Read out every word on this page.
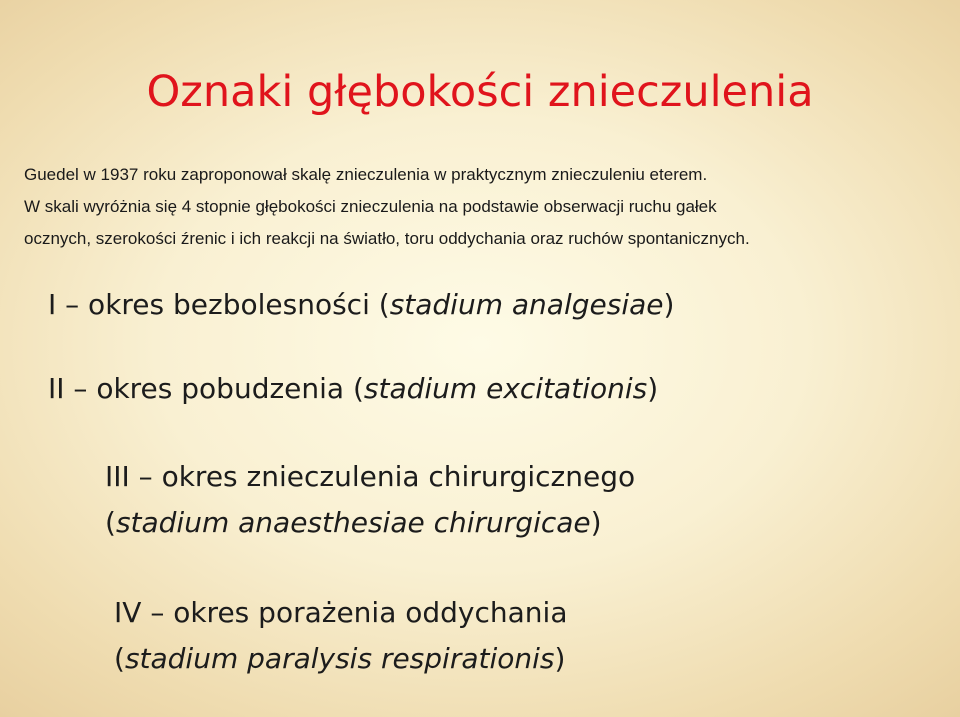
Oznaki głębokości znieczulenia
Guedel w 1937 roku zaproponował skalę znieczulenia w praktycznym znieczuleniu eterem.
W skali wyróżnia się 4 stopnie głębokości znieczulenia na podstawie obserwacji ruchu gałek
ocznych, szerokości źrenic i ich reakcji na światło, toru oddychania oraz ruchów spontanicznych.
I – okres bezbolesności (stadium analgesiae)
II – okres pobudzenia (stadium excitationis)
III – okres znieczulenia chirurgicznego
(stadium anaesthesiae chirurgicae)
IV – okres porażenia oddychania
(stadium paralysis respirationis)
